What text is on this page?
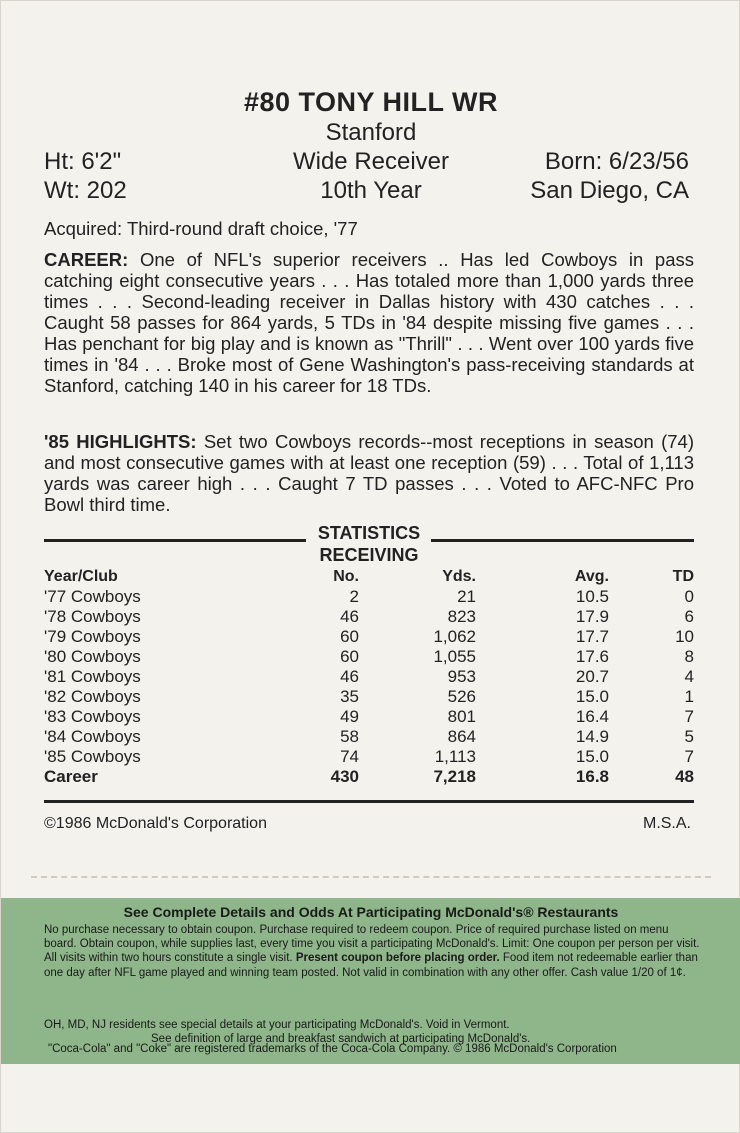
#80 TONY HILL WR
Stanford
Ht: 6'2"	Wide Receiver	Born: 6/23/56
Wt: 202	10th Year	San Diego, CA
Acquired: Third-round draft choice, '77
CAREER: One of NFL's superior receivers .. Has led Cowboys in pass catching eight consecutive years . . . Has totaled more than 1,000 yards three times . . . Second-leading receiver in Dallas history with 430 catches . . . Caught 58 passes for 864 yards, 5 TDs in '84 despite missing five games . . . Has penchant for big play and is known as "Thrill" . . . Went over 100 yards five times in '84 . . . Broke most of Gene Washington's pass-receiving standards at Stanford, catching 140 in his career for 18 TDs.
'85 HIGHLIGHTS: Set two Cowboys records--most receptions in season (74) and most consecutive games with at least one reception (59) . . . Total of 1,113 yards was career high . . . Caught 7 TD passes . . . Voted to AFC-NFC Pro Bowl third time.
STATISTICS
RECEIVING
Year/Club	No.	Yds.	Avg.	TD
'77 Cowboys	2	21	10.5	0
'78 Cowboys	46	823	17.9	6
'79 Cowboys	60	1,062	17.7	10
'80 Cowboys	60	1,055	17.6	8
'81 Cowboys	46	953	20.7	4
'82 Cowboys	35	526	15.0	1
'83 Cowboys	49	801	16.4	7
'84 Cowboys	58	864	14.9	5
'85 Cowboys	74	1,113	15.0	7
Career	430	7,218	16.8	48
©1986 McDonald's Corporation	M.S.A.
See Complete Details and Odds At Participating McDonald's® Restaurants
No purchase necessary to obtain coupon. Purchase required to redeem coupon. Price of required purchase listed on menu board. Obtain coupon, while supplies last, every time you visit a participating McDonald's. Limit: One coupon per person per visit. All visits within two hours constitute a single visit. Present coupon before placing order. Food item not redeemable earlier than one day after NFL game played and winning team posted. Not valid in combination with any other offer. Cash value 1/20 of 1¢.
OH, MD, NJ residents see special details at your participating McDonald's. Void in Vermont.
See definition of large and breakfast sandwich at participating McDonald's.
"Coca-Cola" and "Coke" are registered trademarks of the Coca-Cola Company. © 1986 McDonald's Corporation
